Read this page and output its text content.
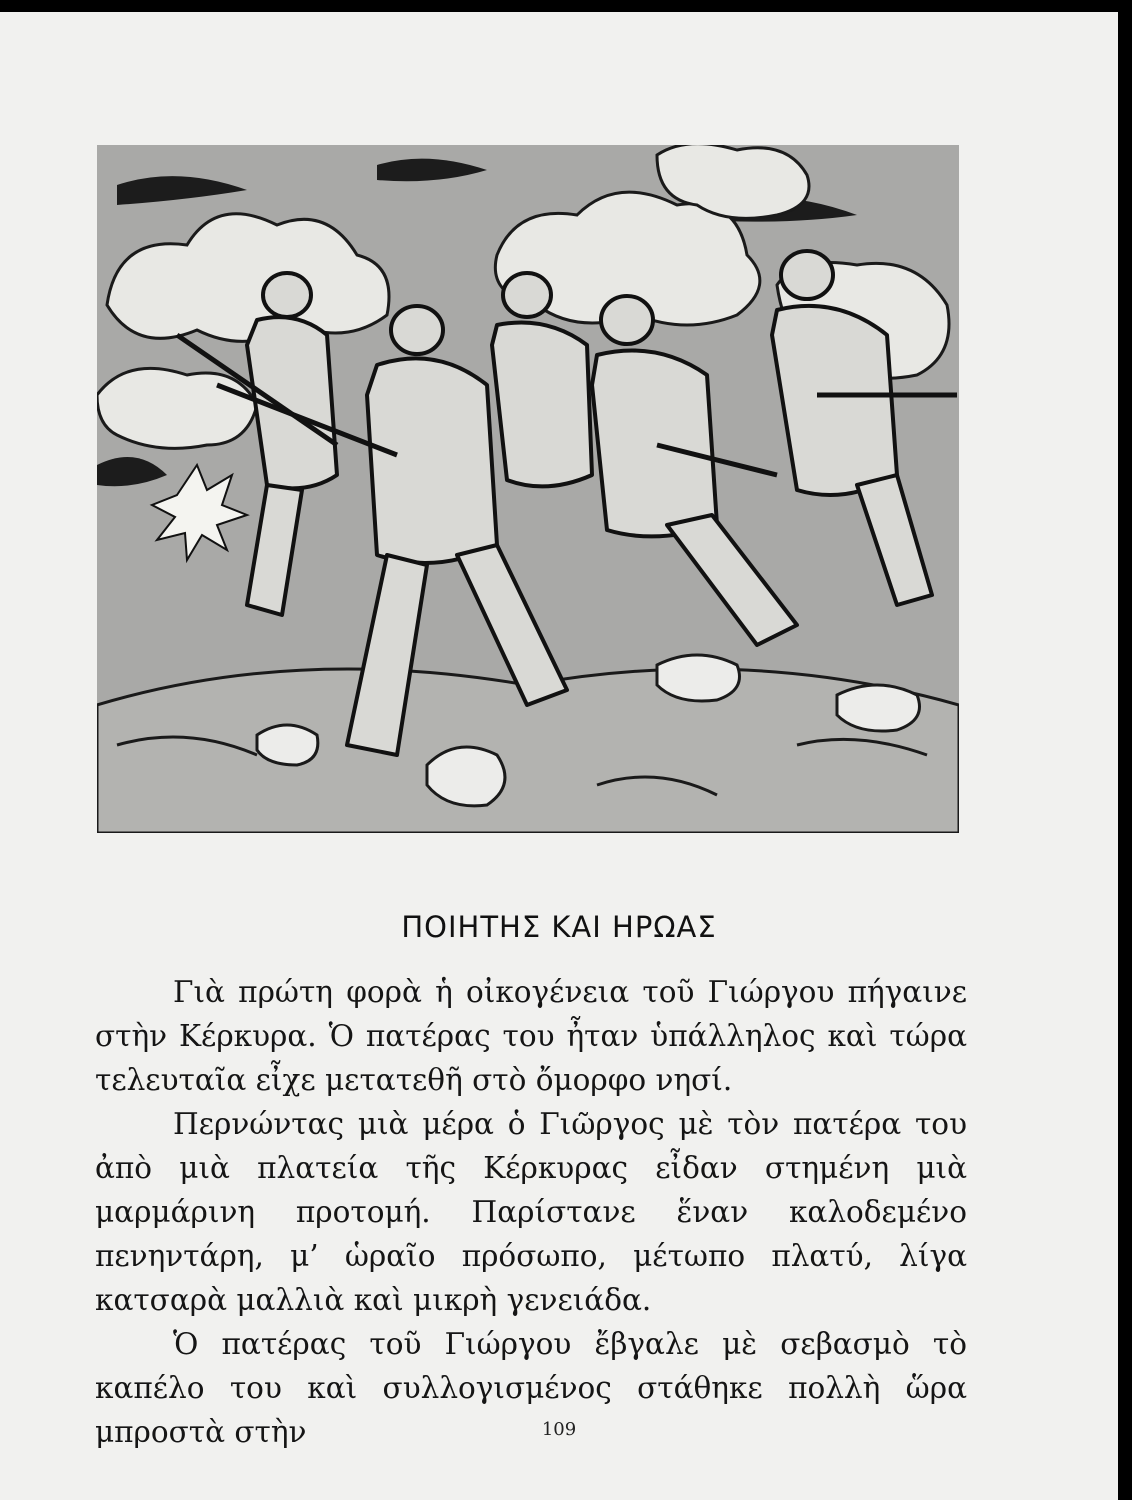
ΠΟΙΗΤΗΣ ΚΑΙ ΗΡΩΑΣ

Γιὰ πρώτη φορὰ ἡ οἰκογένεια τοῦ Γιώργου πήγαινε στὴν Κέρκυρα. Ὁ πατέρας του ἦταν ὑπάλληλος καὶ τώρα τελευταῖα εἶχε μετατεθῆ στὸ ὄμορφο νησί.

Περνώντας μιὰ μέρα ὁ Γιῶργος μὲ τὸν πατέρα του ἀπὸ μιὰ πλατεία τῆς Κέρκυρας εἶδαν στημένη μιὰ μαρμάρινη προτομή. Παρίστανε ἕναν καλοδεμένο πενηντάρη, μ’ ὡραῖο πρόσωπο, μέτωπο πλατύ, λίγα κατσαρὰ μαλλιὰ καὶ μικρὴ γενειάδα.

Ὁ πατέρας τοῦ Γιώργου ἔβγαλε μὲ σεβασμὸ τὸ καπέλο του καὶ συλλογισμένος στάθηκε πολλὴ ὥρα μπροστὰ στὴν	109
